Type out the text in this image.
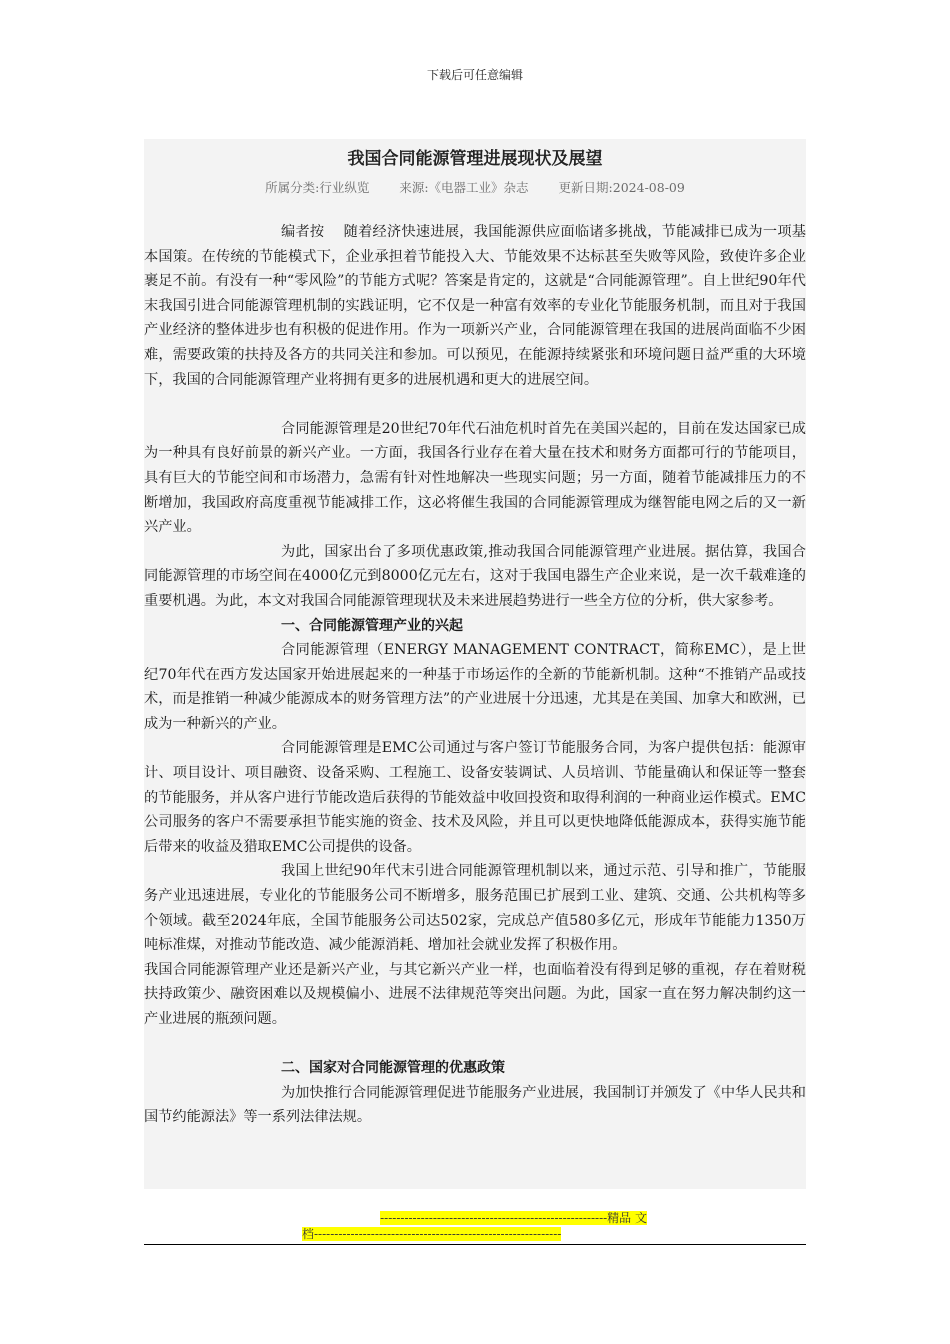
下载后可任意编辑
我国合同能源管理进展现状及展望
所属分类:行业纵览 来源:《电器工业》杂志 更新日期:2024-08-09

编者按　 随着经济快速进展，我国能源供应面临诸多挑战，节能减排已成为一项基本国策。在传统的节能模式下，企业承担着节能投入大、节能效果不达标甚至失败等风险，致使许多企业裹足不前。有没有一种“零风险”的节能方式呢？答案是肯定的，这就是“合同能源管理”。自上世纪90年代末我国引进合同能源管理机制的实践证明，它不仅是一种富有效率的专业化节能服务机制，而且对于我国产业经济的整体进步也有积极的促进作用。作为一项新兴产业，合同能源管理在我国的进展尚面临不少困难，需要政策的扶持及各方的共同关注和参加。可以预见，在能源持续紧张和环境问题日益严重的大环境下，我国的合同能源管理产业将拥有更多的进展机遇和更大的进展空间。

合同能源管理是20世纪70年代石油危机时首先在美国兴起的，目前在发达国家已成为一种具有良好前景的新兴产业。一方面，我国各行业存在着大量在技术和财务方面都可行的节能项目，具有巨大的节能空间和市场潜力，急需有针对性地解决一些现实问题；另一方面，随着节能减排压力的不断增加，我国政府高度重视节能减排工作，这必将催生我国的合同能源管理成为继智能电网之后的又一新兴产业。

为此，国家出台了多项优惠政策,推动我国合同能源管理产业进展。据估算，我国合同能源管理的市场空间在4000亿元到8000亿元左右，这对于我国电器生产企业来说，是一次千载难逢的重要机遇。为此，本文对我国合同能源管理现状及未来进展趋势进行一些全方位的分析，供大家参考。

一、合同能源管理产业的兴起

合同能源管理（ENERGY MANAGEMENT CONTRACT，简称EMC），是上世纪70年代在西方发达国家开始进展起来的一种基于市场运作的全新的节能新机制。这种“不推销产品或技术，而是推销一种减少能源成本的财务管理方法”的产业进展十分迅速，尤其是在美国、加拿大和欧洲，已成为一种新兴的产业。

合同能源管理是EMC公司通过与客户签订节能服务合同，为客户提供包括：能源审计、项目设计、项目融资、设备采购、工程施工、设备安装调试、人员培训、节能量确认和保证等一整套的节能服务，并从客户进行节能改造后获得的节能效益中收回投资和取得利润的一种商业运作模式。EMC公司服务的客户不需要承担节能实施的资金、技术及风险，并且可以更快地降低能源成本，获得实施节能后带来的收益及猎取EMC公司提供的设备。

我国上世纪90年代末引进合同能源管理机制以来，通过示范、引导和推广，节能服务产业迅速进展，专业化的节能服务公司不断增多，服务范围已扩展到工业、建筑、交通、公共机构等多个领域。截至2024年底，全国节能服务公司达502家，完成总产值580多亿元，形成年节能能力1350万吨标准煤，对推动节能改造、减少能源消耗、增加社会就业发挥了积极作用。

我国合同能源管理产业还是新兴产业，与其它新兴产业一样，也面临着没有得到足够的重视，存在着财税扶持政策少、融资困难以及规模偏小、进展不法律规范等突出问题。为此，国家一直在努力解决制约这一产业进展的瓶颈问题。

二、国家对合同能源管理的优惠政策

为加快推行合同能源管理促进节能服务产业进展，我国制订并颁发了《中华人民共和国节约能源法》等一系列法律法规。

--------------------------------------------------------精品 文
档-------------------------------------------------------------
